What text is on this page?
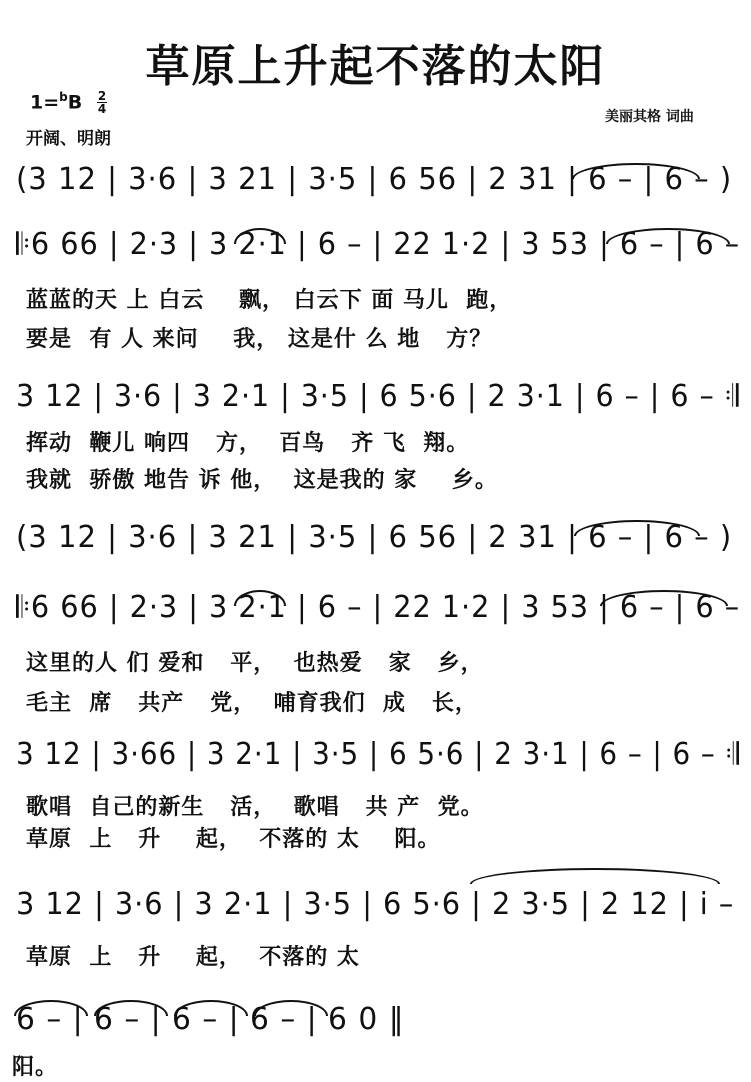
草原上升起不落的太阳
$1=^bB \frac{2}{4}$
开阔、明朗
美丽其格 词曲
(3 12 | 3·6 | 3 21 | 3·5 | 6 56 | 2 31 | 6 – | 6 – )
𝄆6 66 | 2·3 | 3 2·1 | 6 – | 22 1·2 | 3 53 | 6 – | 6 –
3 12 | 3·6 | 3 2·1 | 3·5 | 6 5·6 | 2 3·1 | 6 – | 6 – 𝄇
(3 12 | 3·6 | 3 21 | 3·5 | 6 56 | 2 31 | 6 – | 6 – )
𝄆6 66 | 2·3 | 3 2·1 | 6 – | 22 1·2 | 3 53 | 6 – | 6 –
3 12 | 3·66 | 3 2·1 | 3·5 | 6 5·6 | 2 3·1 | 6 – | 6 – 𝄇
3 12 | 3·6 | 3 2·1 | 3·5 | 6 5·6 | 2 3·5 | 2 12 | i –
6 – | 6 – | 6 – | 6 – | 6 0 ‖
蓝蓝的天 上 白云    飘， 白云下 面 马儿  跑，
要是  有 人 来问    我， 这是什 么 地   方？
挥动  鞭儿 响四   方，  百鸟   齐 飞  翔。
我就  骄傲 地告 诉 他，  这是我的 家    乡。
这里的人 们 爱和   平，  也热爱   家   乡，
毛主  席   共产   党，  哺育我们  成   长，
歌唱  自己的新生   活，  歌唱   共 产  党。
草原  上   升    起，  不落的 太    阳。
草原  上   升    起，  不落的 太
阳。
